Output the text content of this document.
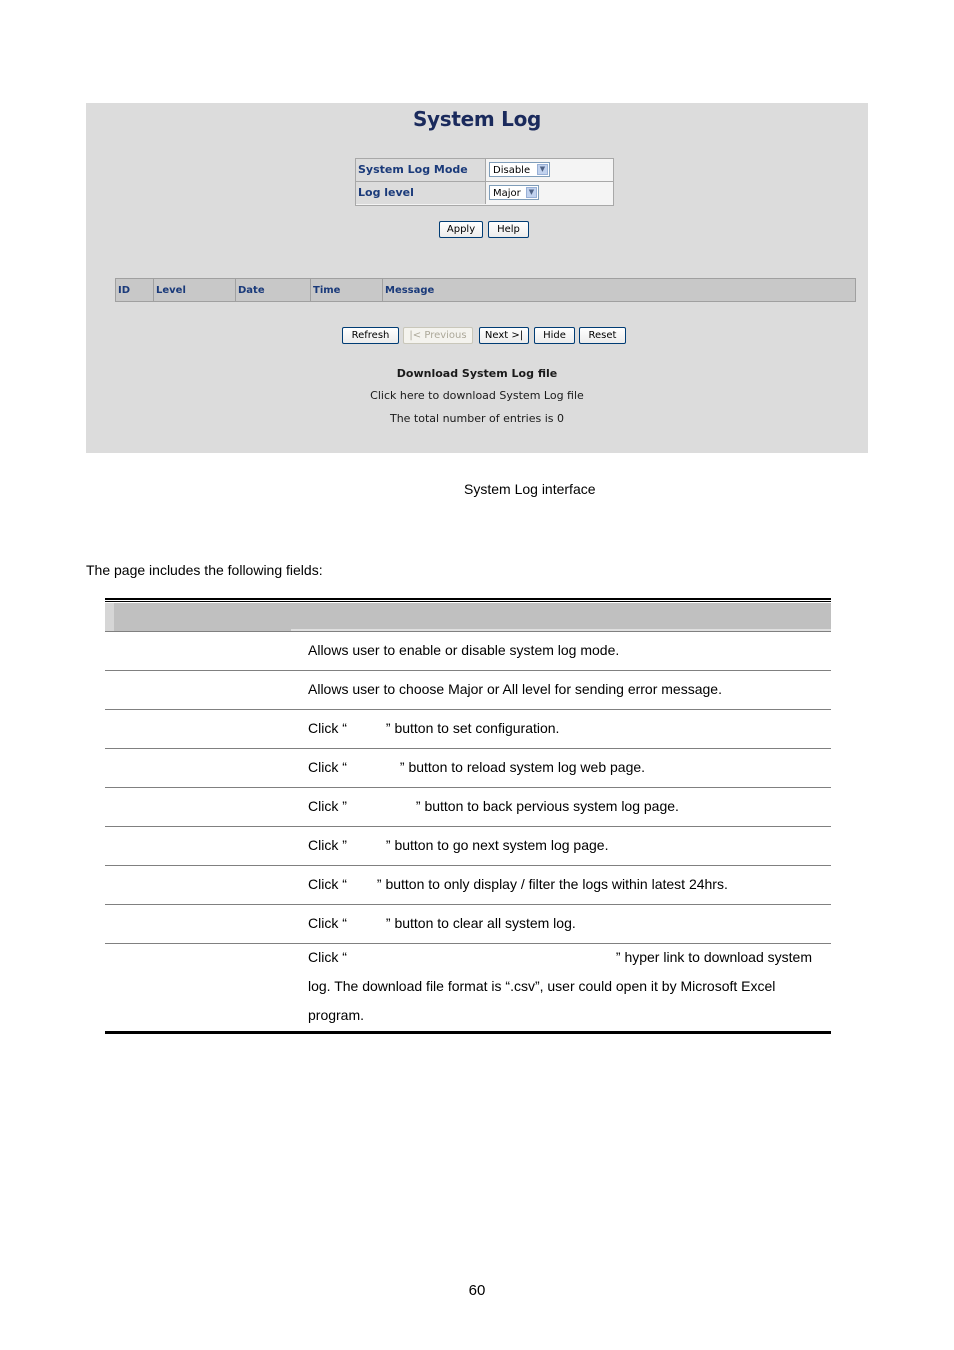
System Log
System Log Mode	Disable	▼
Log level	Major	▼
Apply	Help
ID	Level	Date	Time	Message
Refresh	|< Previous	Next >|	Hide	Reset
Download System Log file
Click here to download System Log file
The total number of entries is 0
System Log interface
The page includes the following fields:
Allows user to enable or disable system log mode.
Allows user to choose Major or All level for sending error message.
Click “	” button to set configuration.
Click “	” button to reload system log web page.
Click ”	” button to back pervious system log page.
Click ”	” button to go next system log page.
Click “ ” button to only display / filter the logs within latest 24hrs.
Click “	” button to clear all system log.
Click “	” hyper link to download system
log. The download file format is “.csv”, user could open it by Microsoft Excel
program.
60
